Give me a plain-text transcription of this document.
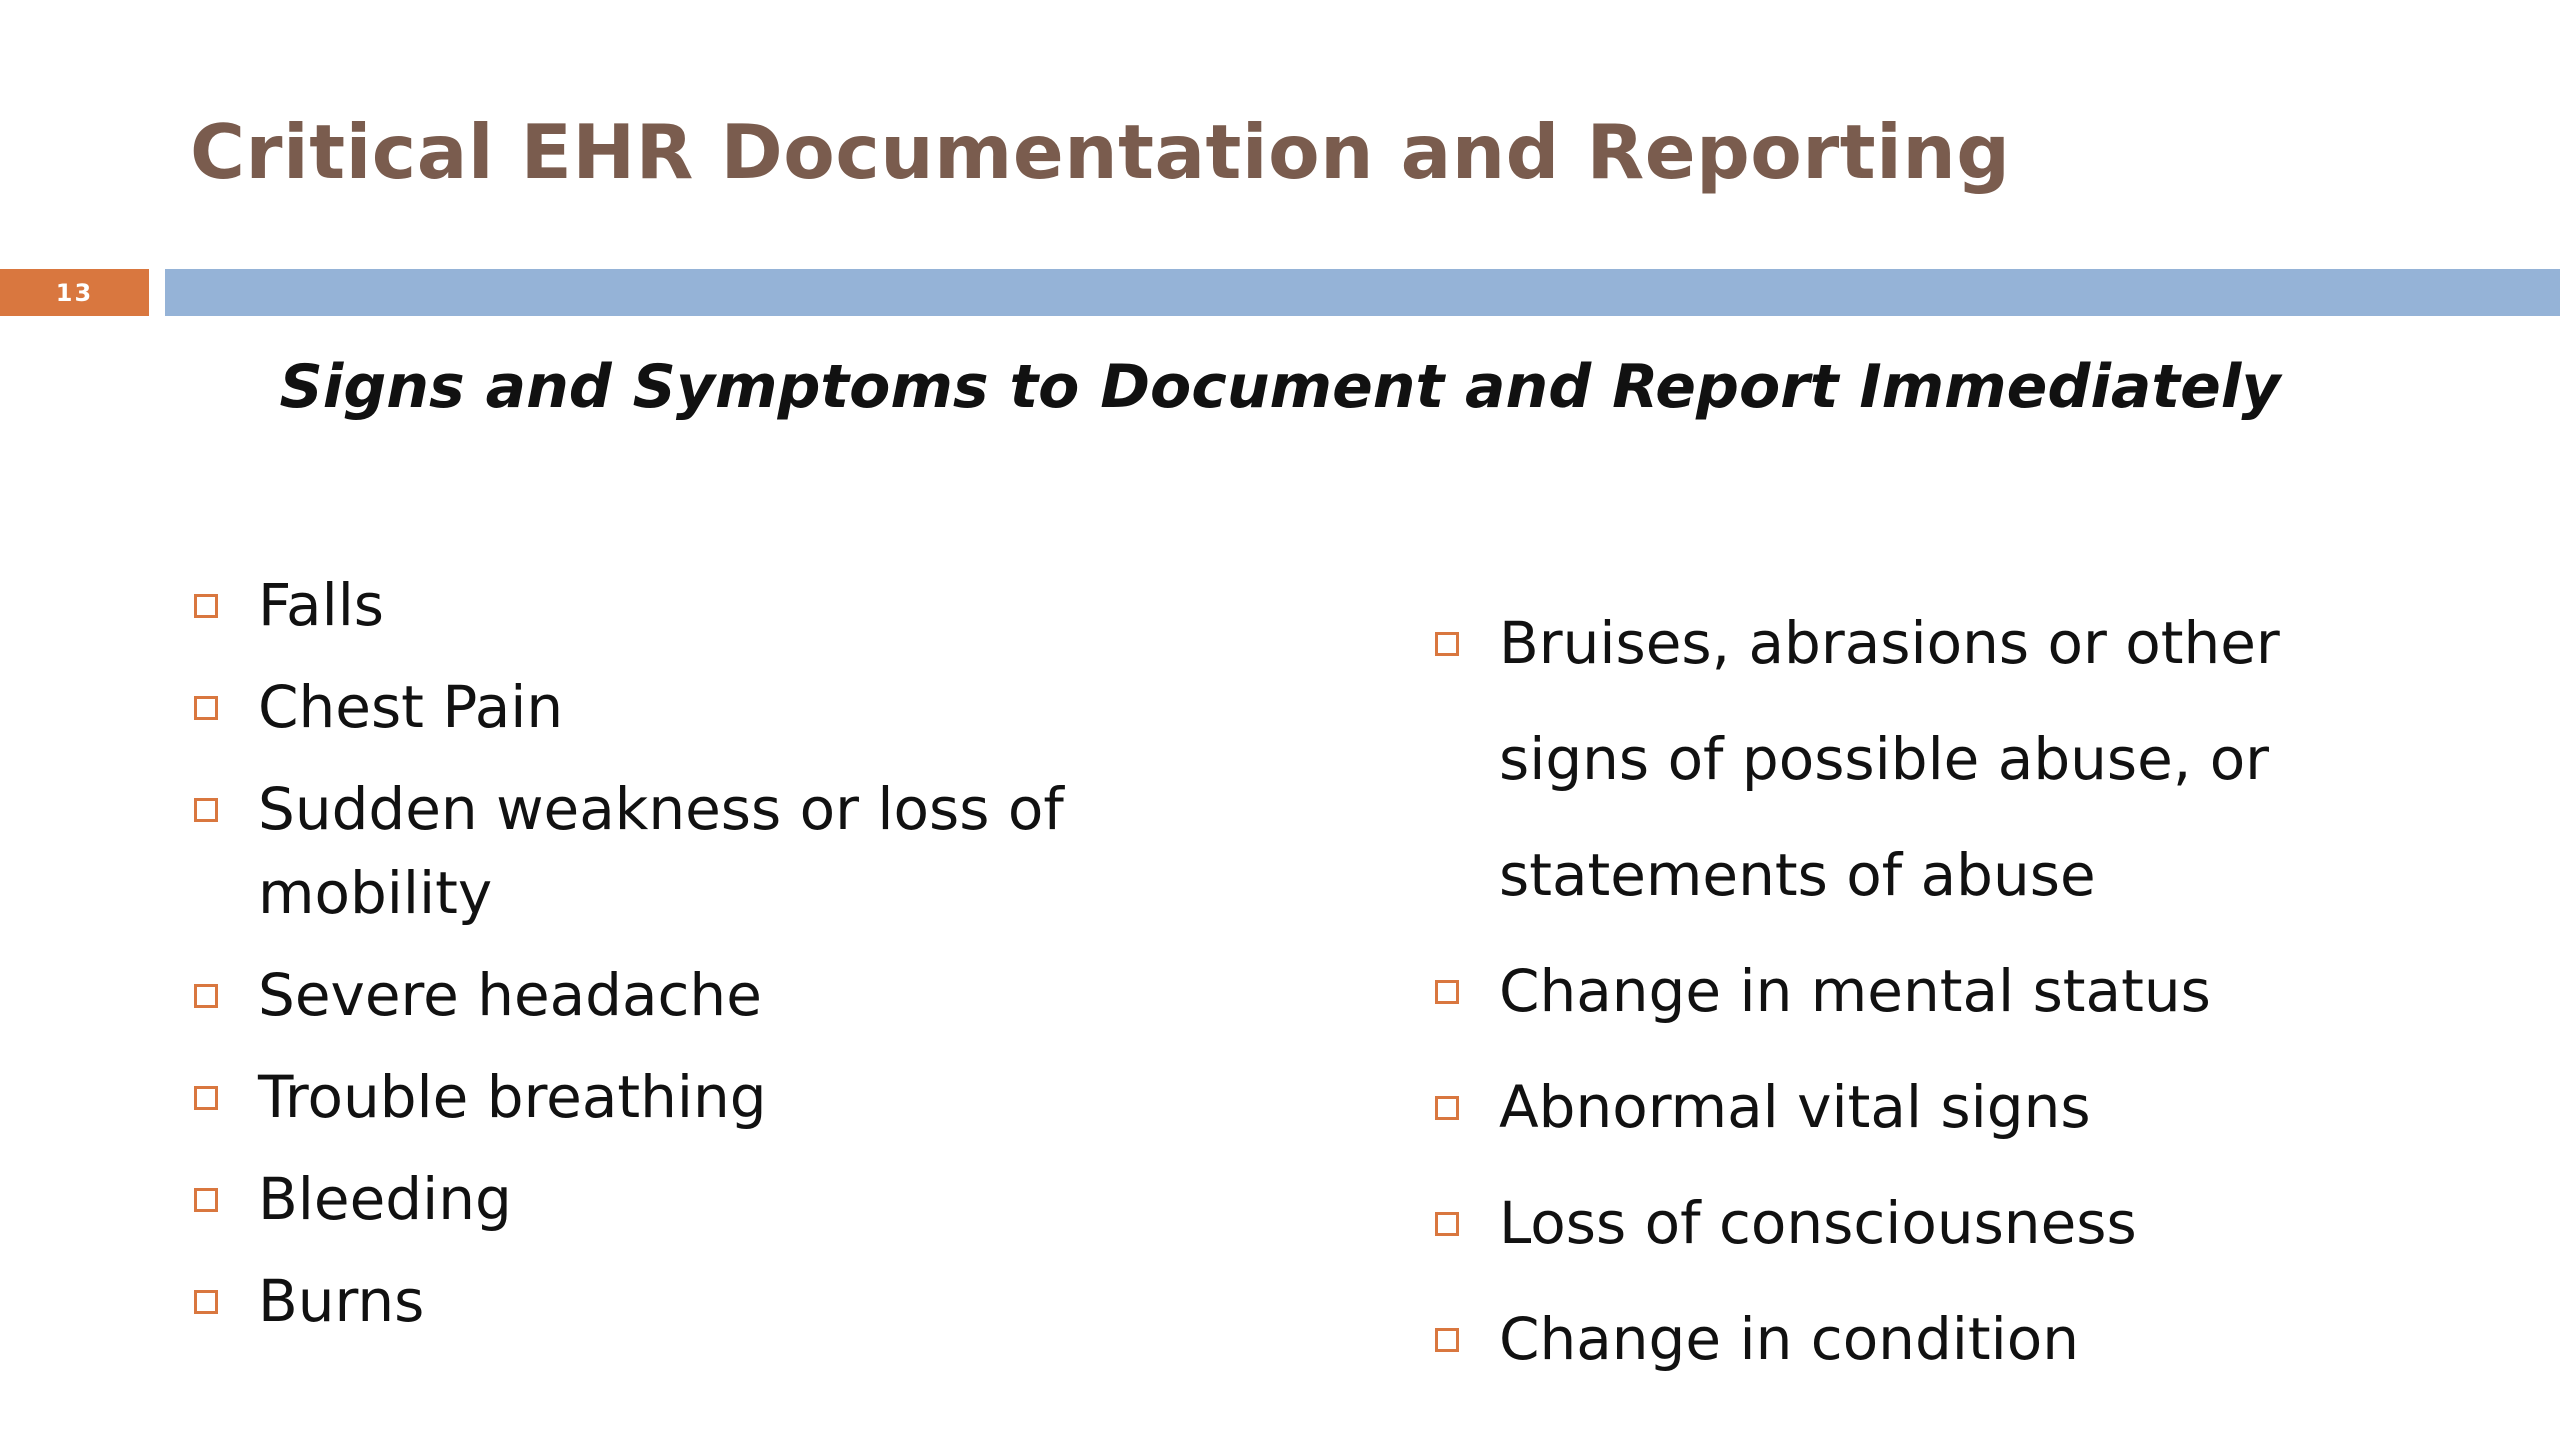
Critical EHR Documentation and Reporting
13
Signs and Symptoms to Document and Report Immediately
Falls
Chest Pain
Sudden weakness or loss of mobility
Severe headache
Trouble breathing
Bleeding
Burns
Bruises, abrasions or other signs of possible abuse, or statements of abuse
Change in mental status
Abnormal vital signs
Loss of consciousness
Change in condition
